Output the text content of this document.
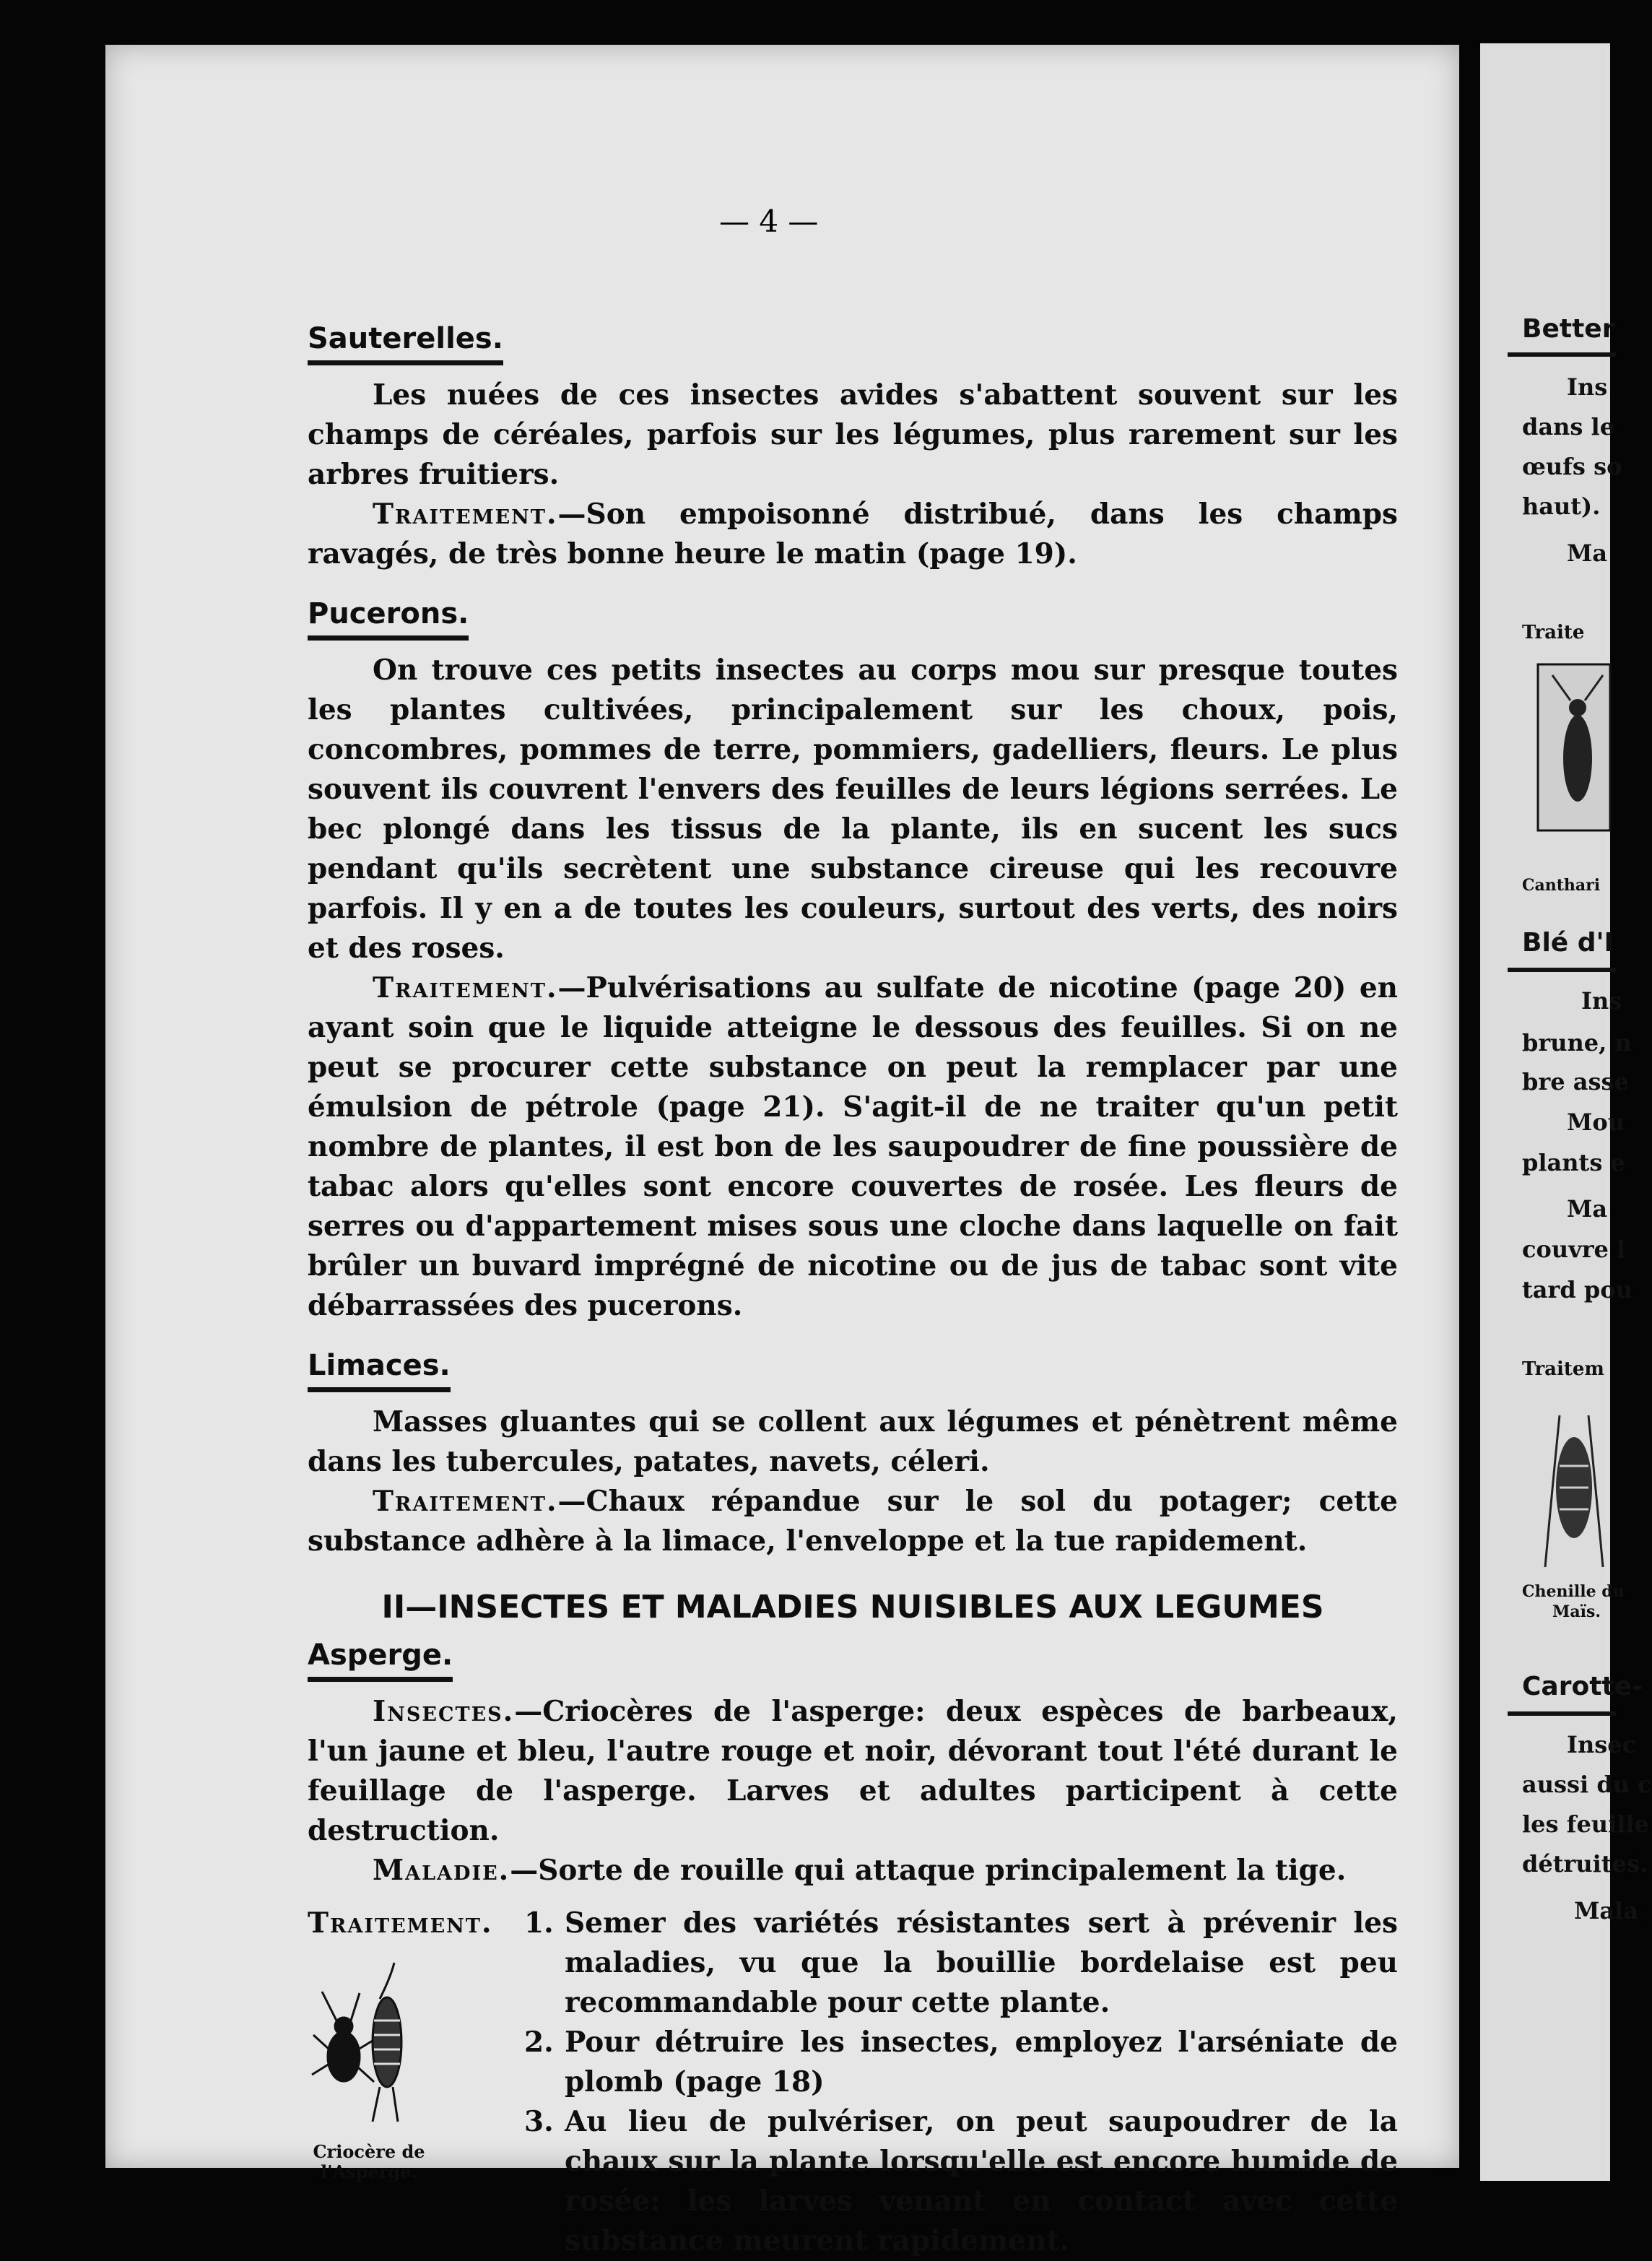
— 4 —
Sauterelles.

Les nuées de ces insectes avides s'abattent souvent sur les champs de céréales, parfois sur les légumes, plus rarement sur les arbres fruitiers.

Traitement.—Son empoisonné distribué, dans les champs ravagés, de très bonne heure le matin (page 19).

Pucerons.

On trouve ces petits insectes au corps mou sur presque toutes les plantes cultivées, principalement sur les choux, pois, concombres, pommes de terre, pommiers, gadelliers, fleurs. Le plus souvent ils couvrent l'envers des feuilles de leurs légions serrées. Le bec plongé dans les tissus de la plante, ils en sucent les sucs pendant qu'ils secrètent une substance cireuse qui les recouvre parfois. Il y en a de toutes les couleurs, surtout des verts, des noirs et des roses.

Traitement.—Pulvérisations au sulfate de nicotine (page 20) en ayant soin que le liquide atteigne le dessous des feuilles. Si on ne peut se procurer cette substance on peut la remplacer par une émulsion de pétrole (page 21). S'agit-il de ne traiter qu'un petit nombre de plantes, il est bon de les saupoudrer de fine poussière de tabac alors qu'elles sont encore couvertes de rosée. Les fleurs de serres ou d'appartement mises sous une cloche dans laquelle on fait brûler un buvard imprégné de nicotine ou de jus de tabac sont vite débarrassées des pucerons.

Limaces.

Masses gluantes qui se collent aux légumes et pénètrent même dans les tubercules, patates, navets, céleri.

Traitement.—Chaux répandue sur le sol du potager; cette substance adhère à la limace, l'enveloppe et la tue rapidement.

II—INSECTES ET MALADIES NUISIBLES AUX LEGUMES
Asperge.

Insectes.—Criocères de l'asperge: deux espèces de barbeaux, l'un jaune et bleu, l'autre rouge et noir, dévorant tout l'été durant le feuillage de l'asperge. Larves et adultes participent à cette destruction.

Maladie.—Sorte de rouille qui attaque principalement la tige.

Traitement.
Criocère de l'Asperge.
1. Semer des variétés résistantes sert à prévenir les maladies, vu que la bouillie bordelaise est peu recommandable pour cette plante.
2. Pour détruire les insectes, employez l'arséniate de plomb (page 18)
3. Au lieu de pulvériser, on peut saupoudrer de la chaux sur la plante lorsqu'elle est encore humide de rosée: les larves venant en contact avec cette substance meurent rapidement.
Better
Ins
dans le
œufs so
haut).
Ma
Traite
Canthari
Blé d'I
Ins
brune, n
bre asse
Mou
plants e
Ma
couvre l
tard pou
Traitem
Chenille du
Maïs.
Carotte-
Insec
aussi du c
les feuille
détruites.
Mala
